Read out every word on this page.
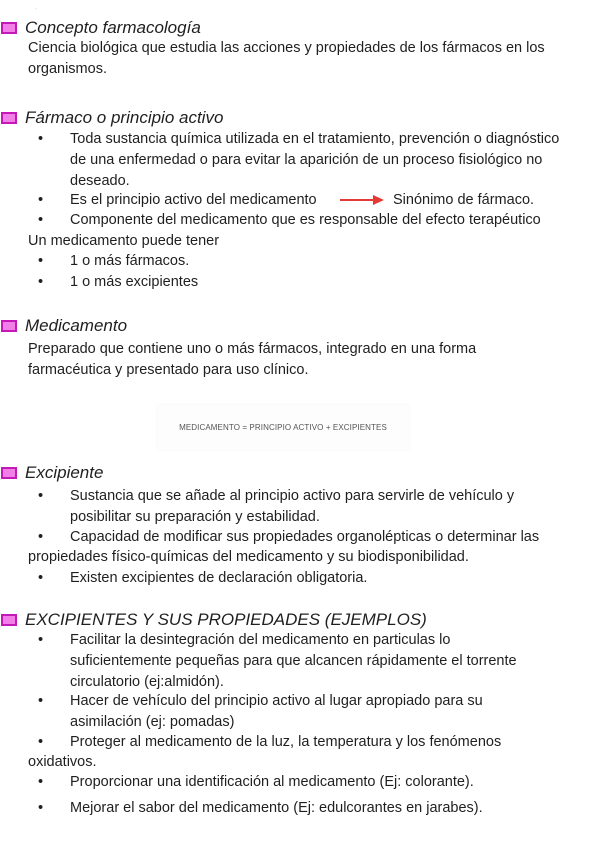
·
Concepto farmacología
Ciencia biológica que estudia las acciones y propiedades de los fármacos en los organismos.
Fármaco o principio activo
• Toda sustancia química utilizada en el tratamiento, prevención o diagnóstico de una enfermedad o para evitar la aparición de un proceso fisiológico no deseado.
• Es el principio activo del medicamento	Sinónimo de fármaco.
• Componente del medicamento que es responsable del efecto terapéutico
Un medicamento puede tener
• 1 o más fármacos.
• 1 o más excipientes
Medicamento
Preparado que contiene uno o más fármacos, integrado en una forma farmacéutica y presentado para uso clínico.
MEDICAMENTO = PRINCIPIO ACTIVO + EXCIPIENTES
Excipiente
• Sustancia que se añade al principio activo para servirle de vehículo y posibilitar su preparación y estabilidad.
• Capacidad de modificar sus propiedades organolépticas o determinar las
propiedades físico-químicas del medicamento y su biodisponibilidad.
• Existen excipientes de declaración obligatoria.
EXCIPIENTES Y SUS PROPIEDADES (EJEMPLOS)
• Facilitar la desintegración del medicamento en particulas lo suficientemente pequeñas para que alcancen rápidamente el torrente circulatorio (ej:almidón).
• Hacer de vehículo del principio activo al lugar apropiado para su asimilación (ej: pomadas)
• Proteger al medicamento de la luz, la temperatura y los fenómenos
oxidativos.
• Proporcionar una identificación al medicamento (Ej: colorante).
• Mejorar el sabor del medicamento (Ej: edulcorantes en jarabes).
